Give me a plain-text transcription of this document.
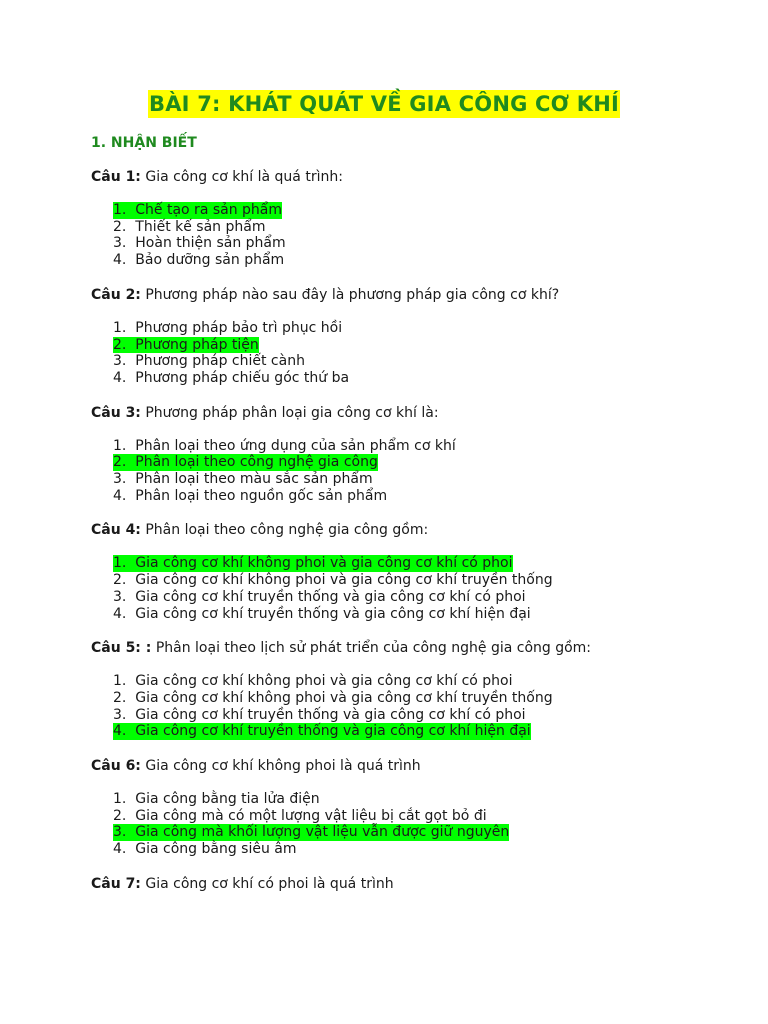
BÀI 7: KHÁT QUÁT VỀ GIA CÔNG CƠ KHÍ
1. NHẬN BIẾT
Câu 1: Gia công cơ khí là quá trình:
1. Chế tạo ra sản phẩm
2. Thiết kế sản phẩm
3. Hoàn thiện sản phẩm
4. Bảo dưỡng sản phẩm
Câu 2: Phương pháp nào sau đây là phương pháp gia công cơ khí?
1. Phương pháp bảo trì phục hồi
2. Phương pháp tiện
3. Phương pháp chiết cành
4. Phương pháp chiếu góc thứ ba
Câu 3: Phương pháp phân loại gia công cơ khí là:
1. Phân loại theo ứng dụng của sản phẩm cơ khí
2. Phân loại theo công nghệ gia công
3. Phân loại theo màu sắc sản phẩm
4. Phân loại theo nguồn gốc sản phẩm
Câu 4: Phân loại theo công nghệ gia công gồm:
1. Gia công cơ khí không phoi và gia công cơ khí có phoi
2. Gia công cơ khí không phoi và gia công cơ khí truyền thống
3. Gia công cơ khí truyền thống và gia công cơ khí có phoi
4. Gia công cơ khí truyền thống và gia công cơ khí hiện đại
Câu 5: : Phân loại theo lịch sử phát triển của công nghệ gia công gồm:
1. Gia công cơ khí không phoi và gia công cơ khí có phoi
2. Gia công cơ khí không phoi và gia công cơ khí truyền thống
3. Gia công cơ khí truyền thống và gia công cơ khí có phoi
4. Gia công cơ khí truyền thống và gia công cơ khí hiện đại
Câu 6: Gia công cơ khí không phoi là quá trình
1. Gia công bằng tia lửa điện
2. Gia công mà có một lượng vật liệu bị cắt gọt bỏ đi
3. Gia công mà khối lượng vật liệu vẫn được giữ nguyên
4. Gia công bằng siêu âm
Câu 7: Gia công cơ khí có phoi là quá trình
